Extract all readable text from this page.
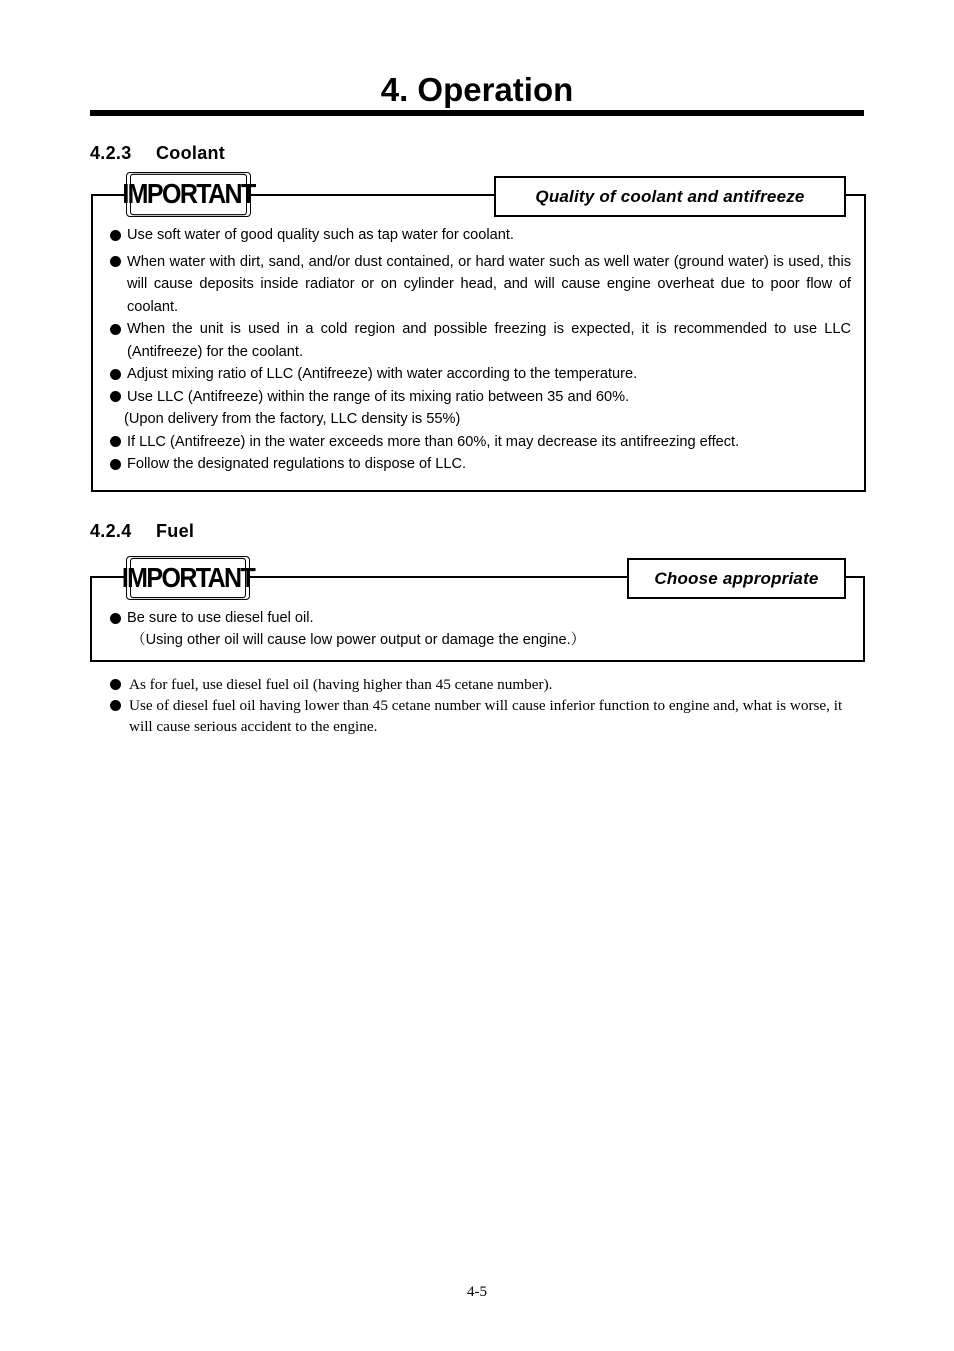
4. Operation
4.2.3 Coolant
IMPORTANT	Quality of coolant and antifreeze
Use soft water of good quality such as tap water for coolant.
When water with dirt, sand, and/or dust contained, or hard water such as well water (ground water) is used, this will cause deposits inside radiator or on cylinder head, and will cause engine overheat due to poor flow of coolant.
When the unit is used in a cold region and possible freezing is expected, it is recommended to use LLC (Antifreeze) for the coolant.
Adjust mixing ratio of LLC (Antifreeze) with water according to the temperature.
Use LLC (Antifreeze) within the range of its mixing ratio between 35 and 60%.
(Upon delivery from the factory, LLC density is 55%)
If LLC (Antifreeze) in the water exceeds more than 60%, it may decrease its antifreezing effect.
Follow the designated regulations to dispose of LLC.
4.2.4 Fuel
IMPORTANT	Choose appropriate
Be sure to use diesel fuel oil.
（Using other oil will cause low power output or damage the engine.）
As for fuel, use diesel fuel oil (having higher than 45 cetane number).
Use of diesel fuel oil having lower than 45 cetane number will cause inferior function to engine and, what is worse, it will cause serious accident to the engine.
4-5
